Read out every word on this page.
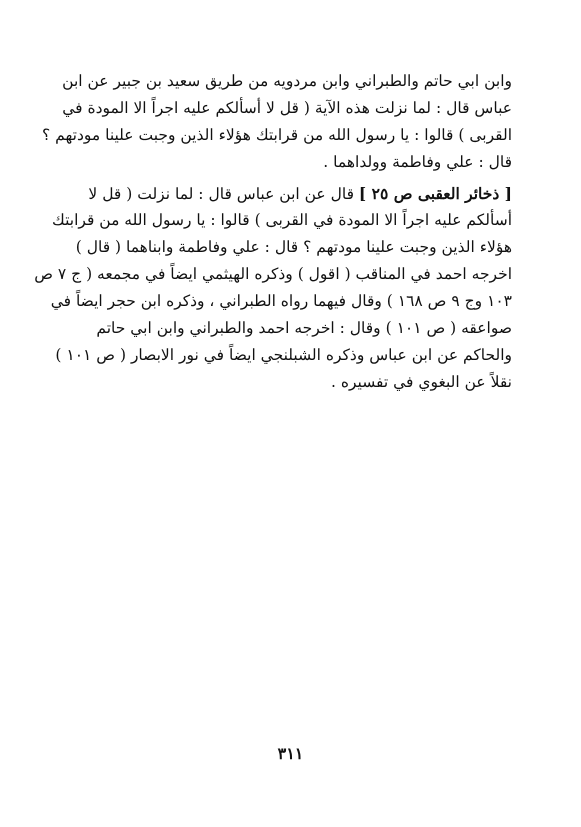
وابن ابي حاتم والطبراني وابن مردويه من طريق سعيد بن جبير عن ابن
عباس قال : لما نزلت هذه الآية ( قل لا أسألكم عليه اجراً الا المودة في
القربى ) قالوا : يا رسول الله من قرابتك هؤلاء الذين وجبت علينا مودتهم ؟
قال : علي وفاطمة وولداهما .
[ ذخائر العقبى ص ٢٥ ] قال عن ابن عباس قال : لما نزلت ( قل لا
أسألكم عليه اجراً الا المودة في القربى ) قالوا : يا رسول الله من قرابتك
هؤلاء الذين وجبت علينا مودتهم ؟ قال : علي وفاطمة وابناهما ( قال )
اخرجه احمد في المناقب ( اقول ) وذكره الهيثمي ايضاً في مجمعه ( ج ٧ ص
١٠٣ وج ٩ ص ١٦٨ ) وقال فيهما رواه الطبراني ، وذكره ابن حجر ايضاً في
صواعقه ( ص ١٠١ ) وقال : اخرجه احمد والطبراني وابن ابي حاتم
والحاكم عن ابن عباس وذكره الشبلنجي ايضاً في نور الابصار ( ص ١٠١ )
نقلاً عن البغوي في تفسيره .
٣١١
